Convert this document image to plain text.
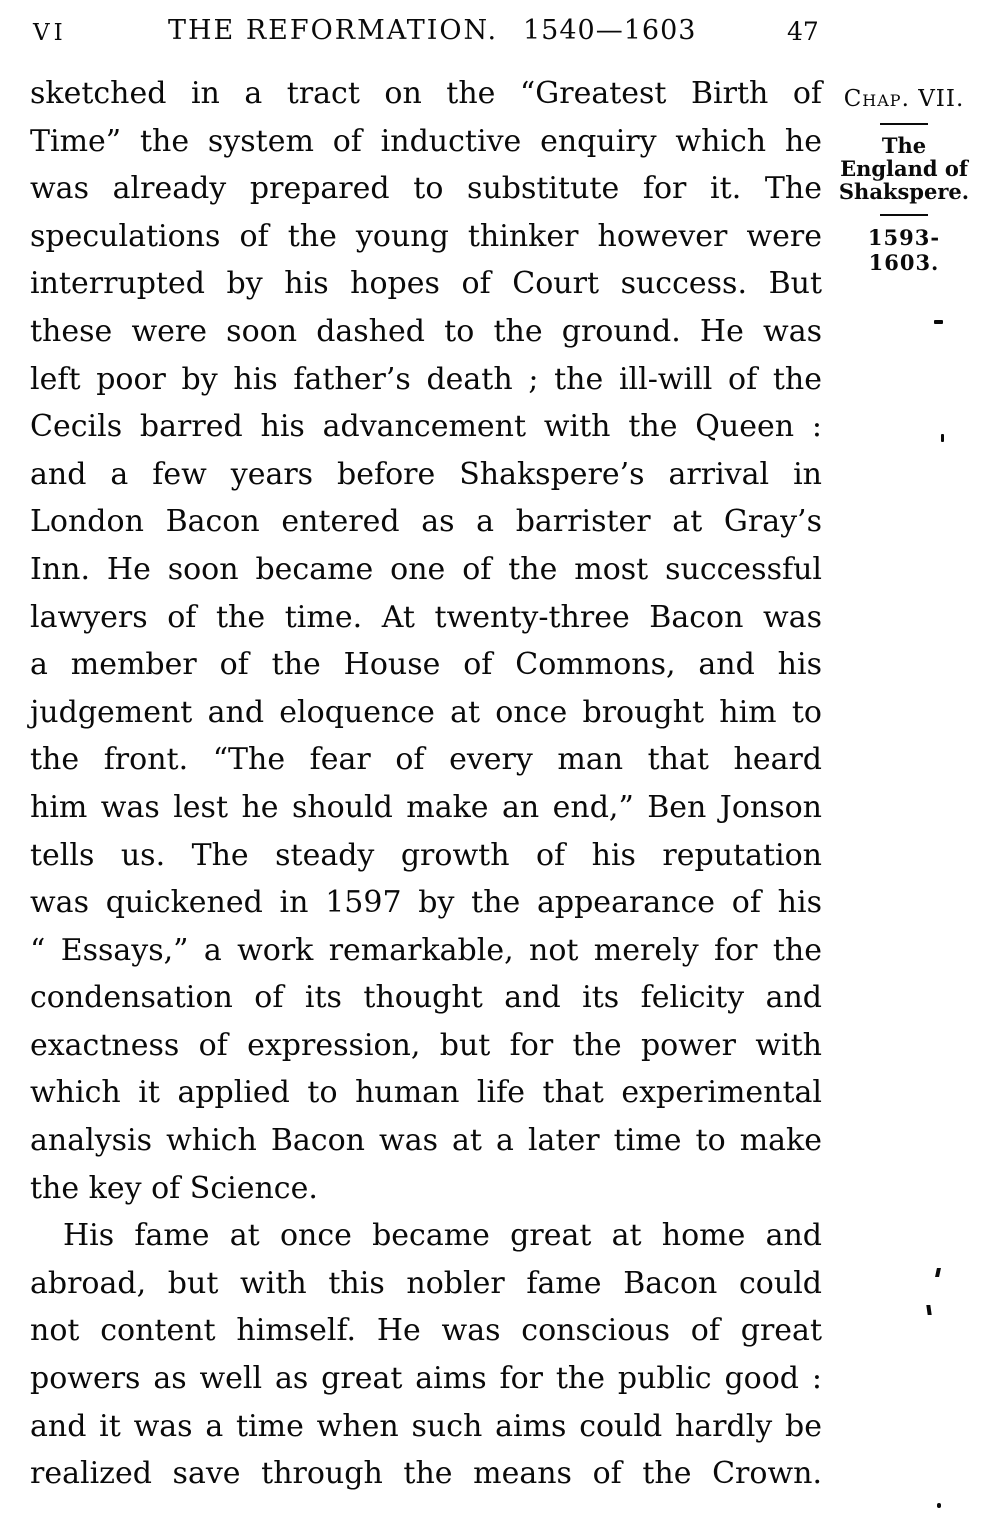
VI	THE REFORMATION. 1540—1603	47
sketched in a tract on the “Greatest Birth of
Time” the system of inductive enquiry which he
was already prepared to substitute for it. The
speculations of the young thinker however were
interrupted by his hopes of Court success. But
these were soon dashed to the ground. He was
left poor by his father’s death ; the ill-will of the
Cecils barred his advancement with the Queen :
and a few years before Shakspere’s arrival in
London Bacon entered as a barrister at Gray’s
Inn. He soon became one of the most successful
lawyers of the time. At twenty-three Bacon was
a member of the House of Commons, and his
judgement and eloquence at once brought him to
the front. “The fear of every man that heard
him was lest he should make an end,” Ben Jonson
tells us. The steady growth of his reputation
was quickened in 1597 by the appearance of his
“ Essays,” a work remarkable, not merely for the
condensation of its thought and its felicity and
exactness of expression, but for the power with
which it applied to human life that experimental
analysis which Bacon was at a later time to make
the key of Science.
His fame at once became great at home and
abroad, but with this nobler fame Bacon could
not content himself. He was conscious of great
powers as well as great aims for the public good :
and it was a time when such aims could hardly be
realized save through the means of the Crown.
Chap. VII.
The England of Shakspere.
1593-1603.
